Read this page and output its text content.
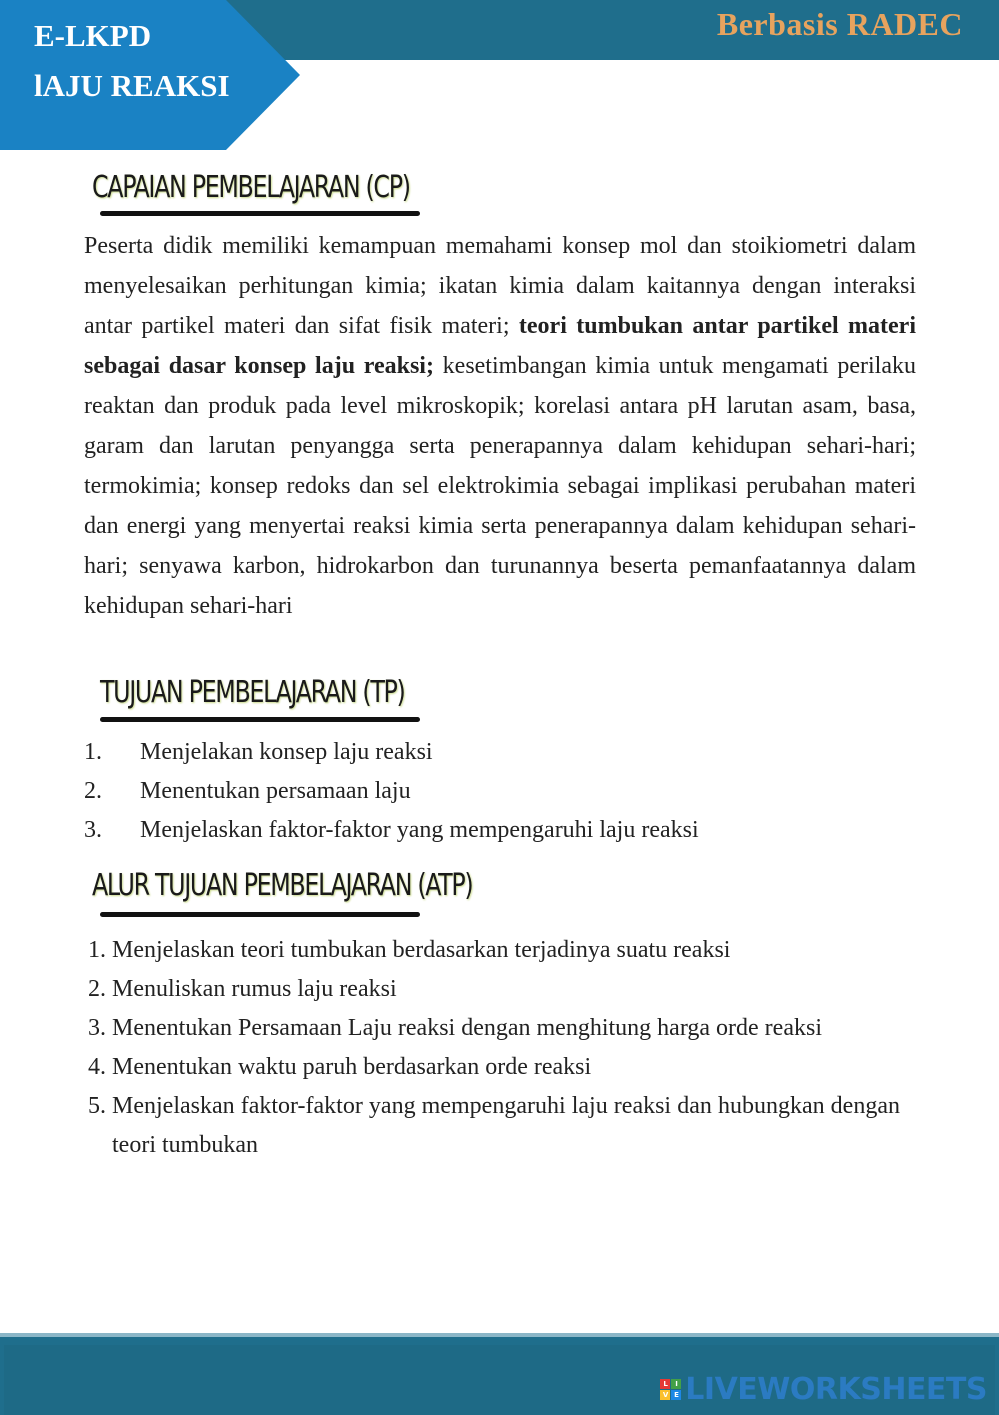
Berbasis RADEC
E-LKPD
lAJU REAKSI
CAPAIAN PEMBELAJARAN (CP)

Peserta didik memiliki kemampuan memahami konsep mol dan stoikiometri dalam menyelesaikan perhitungan kimia; ikatan kimia dalam kaitannya dengan interaksi antar partikel materi dan sifat fisik materi; teori tumbukan antar partikel materi sebagai dasar konsep laju reaksi; kesetimbangan kimia untuk mengamati perilaku reaktan dan produk pada level mikroskopik; korelasi antara pH larutan asam, basa, garam dan larutan penyangga serta penerapannya dalam kehidupan sehari-hari; termokimia; konsep redoks dan sel elektrokimia sebagai implikasi perubahan materi dan energi yang menyertai reaksi kimia serta penerapannya dalam kehidupan sehari-hari; senyawa karbon, hidrokarbon dan turunannya beserta pemanfaatannya dalam kehidupan sehari-hari

TUJUAN PEMBELAJARAN (TP)
1.	Menjelakan konsep laju reaksi
2.	Menentukan persamaan laju
3.	Menjelaskan faktor-faktor yang mempengaruhi laju reaksi
ALUR TUJUAN PEMBELAJARAN (ATP)
1. Menjelaskan teori tumbukan berdasarkan terjadinya suatu reaksi
2. Menuliskan rumus laju reaksi
3. Menentukan Persamaan Laju reaksi dengan menghitung harga orde reaksi
4. Menentukan waktu paruh berdasarkan orde reaksi
5. Menjelaskan faktor-faktor yang mempengaruhi laju reaksi dan hubungkan dengan teori tumbukan
L	I
V E LIVEWORKSHEETS
